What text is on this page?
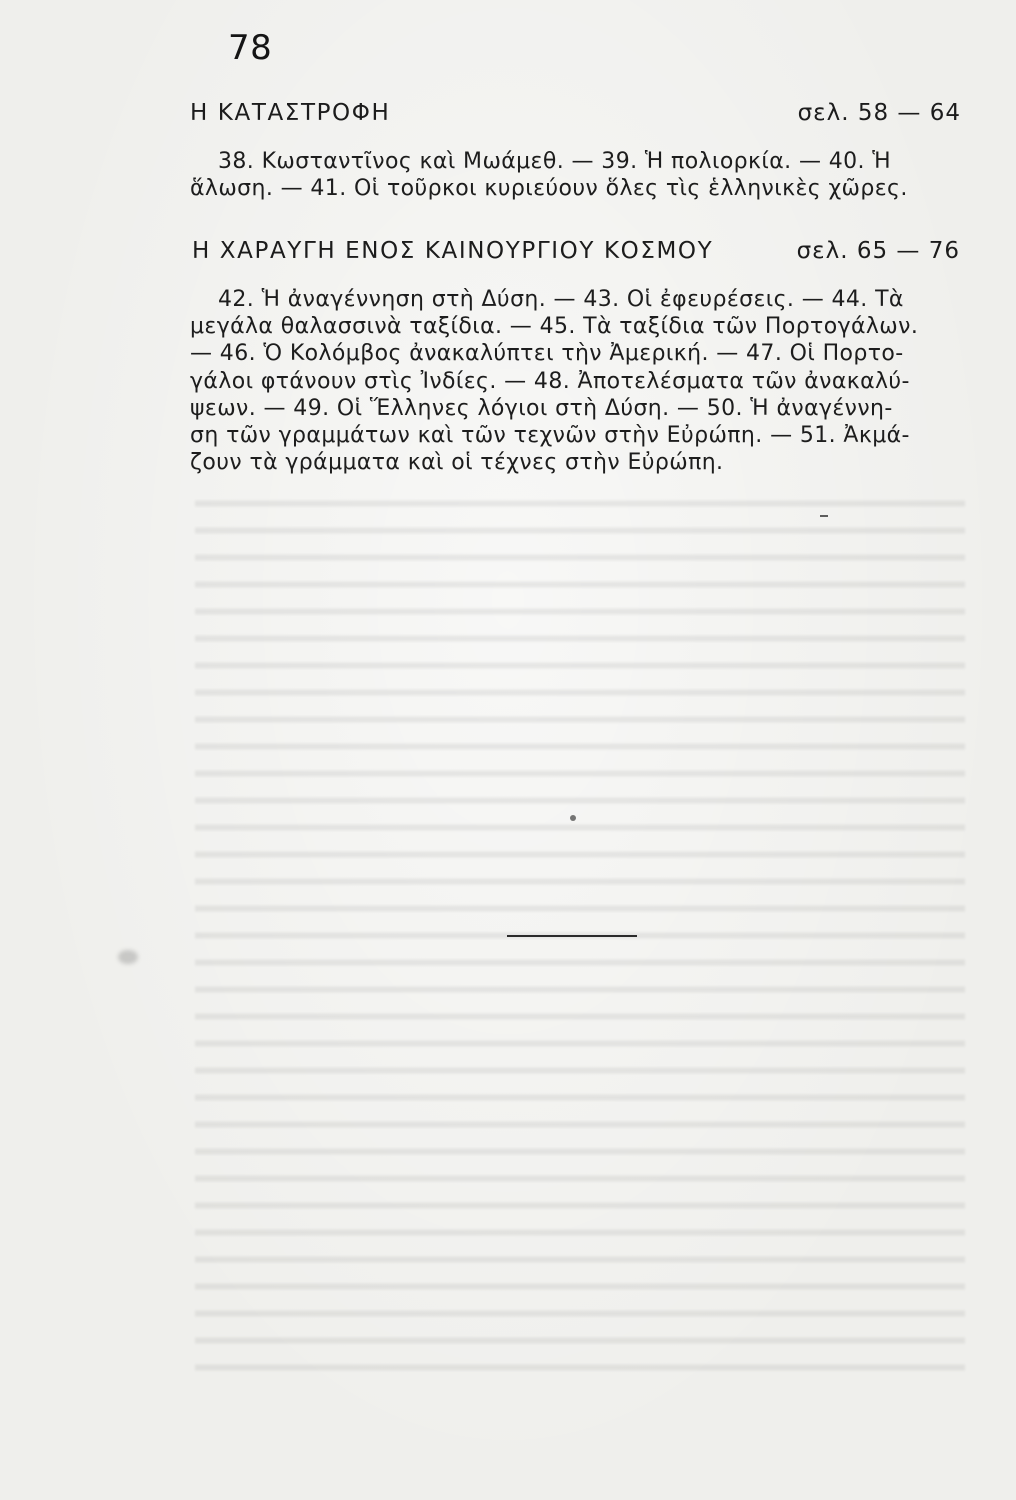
78
Η ΚΑΤΑΣΤΡΟΦΗ	σελ. 58 — 64
38. Κωσταντῖνος καὶ Μωάμεθ. — 39. Ἡ πολιορκία. — 40. Ἡ
ἅλωση. — 41. Οἱ τοῦρκοι κυριεύουν ὅλες τὶς ἑλληνικὲς χῶρες.
Η ΧΑΡΑΥΓΗ ΕΝΟΣ ΚΑΙΝΟΥΡΓΙΟΥ ΚΟΣΜΟΥ	σελ. 65 — 76
42. Ἡ ἀναγέννηση στὴ Δύση. — 43. Οἱ ἐφευρέσεις. — 44. Τὰ
μεγάλα θαλασσινὰ ταξίδια. — 45. Τὰ ταξίδια τῶν Πορτογάλων.
— 46. Ὁ Κολόμβος ἀνακαλύπτει τὴν Ἀμερική. — 47. Οἱ Πορτο-
γάλοι φτάνουν στὶς Ἰνδίες. — 48. Ἀποτελέσματα τῶν ἀνακαλύ-
ψεων. — 49. Οἱ Ἕλληνες λόγιοι στὴ Δύση. — 50. Ἡ ἀναγέννη-
ση τῶν γραμμάτων καὶ τῶν τεχνῶν στὴν Εὐρώπη. — 51. Ἀκμά-
ζουν τὰ γράμματα καὶ οἱ τέχνες στὴν Εὐρώπη.
